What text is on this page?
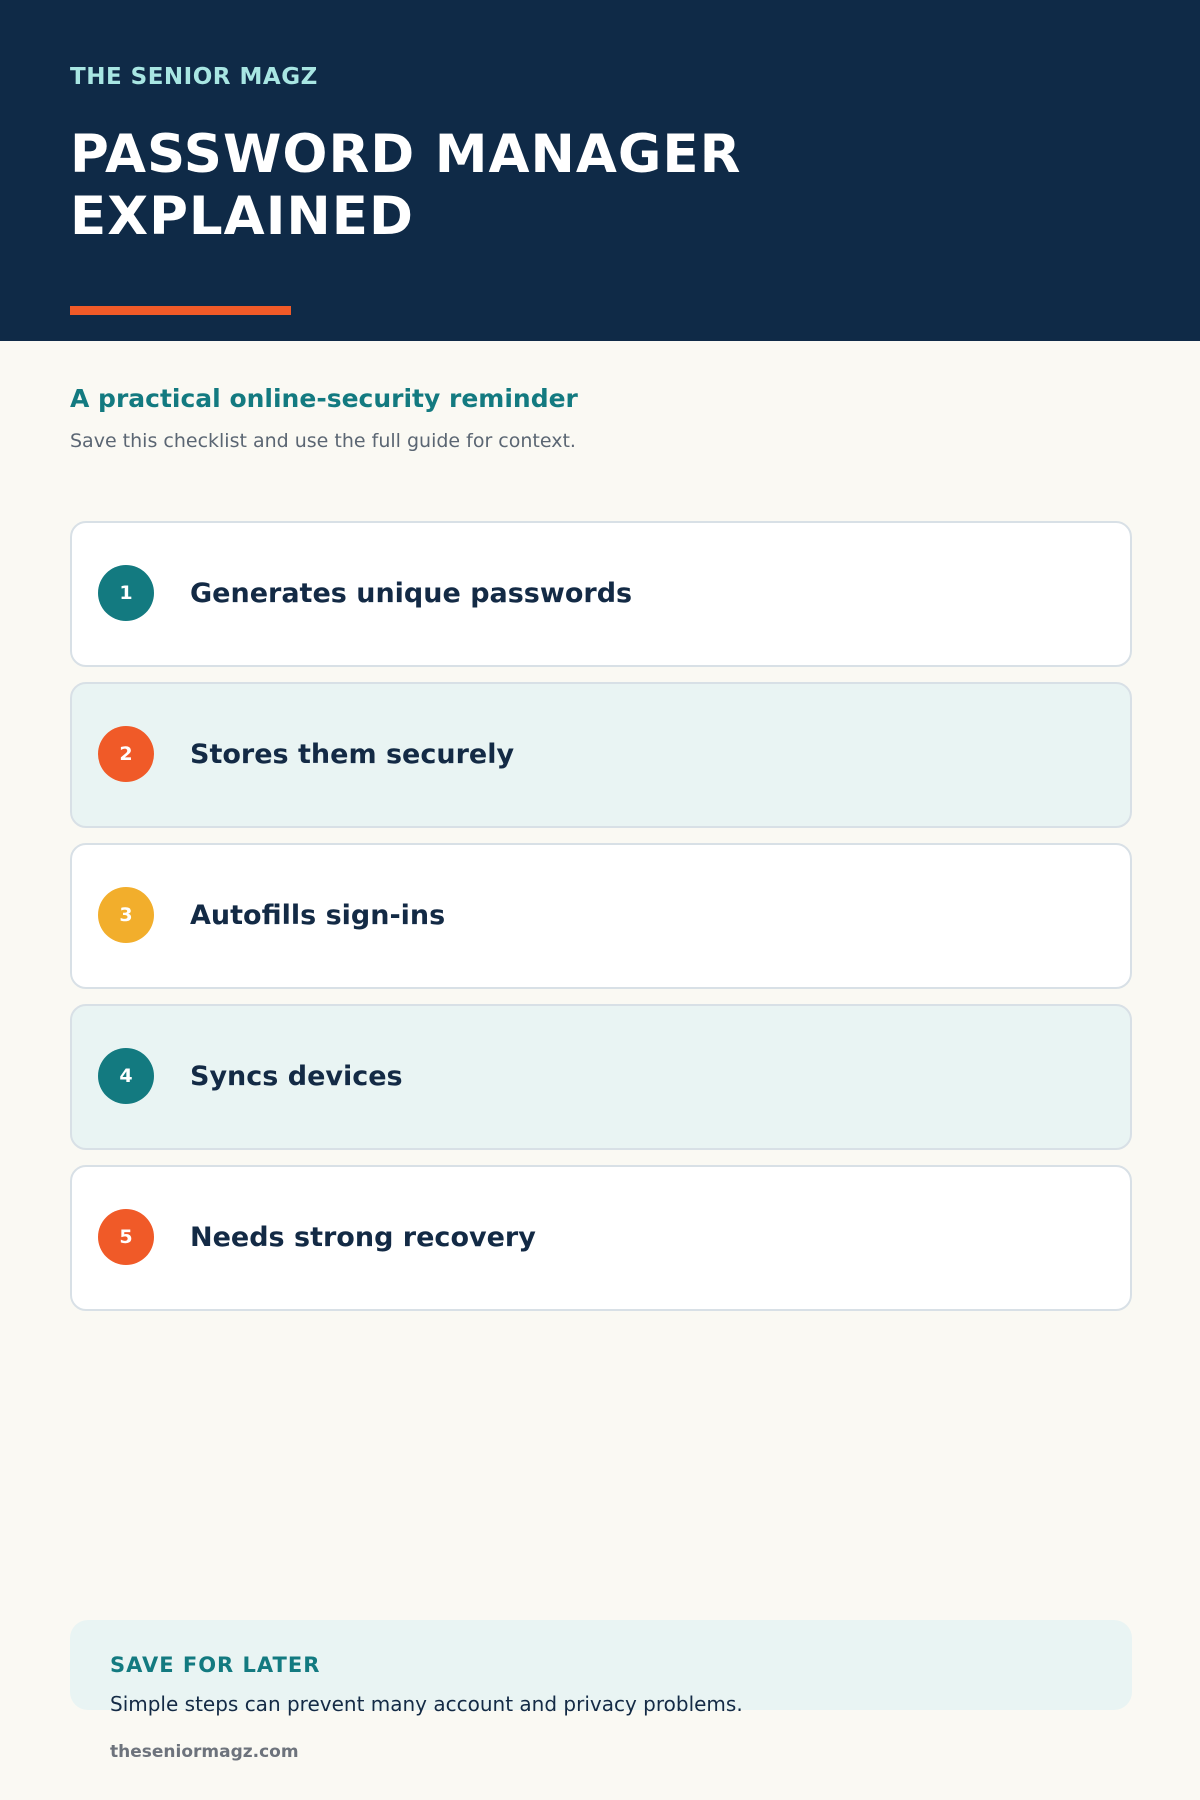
THE SENIOR MAGZ
PASSWORD MANAGER EXPLAINED
A practical online-security reminder
Save this checklist and use the full guide for context.
1	Generates unique passwords
2	Stores them securely
3	Autofills sign-ins
4	Syncs devices
5	Needs strong recovery
SAVE FOR LATER
Simple steps can prevent many account and privacy problems.
theseniormagz.com
